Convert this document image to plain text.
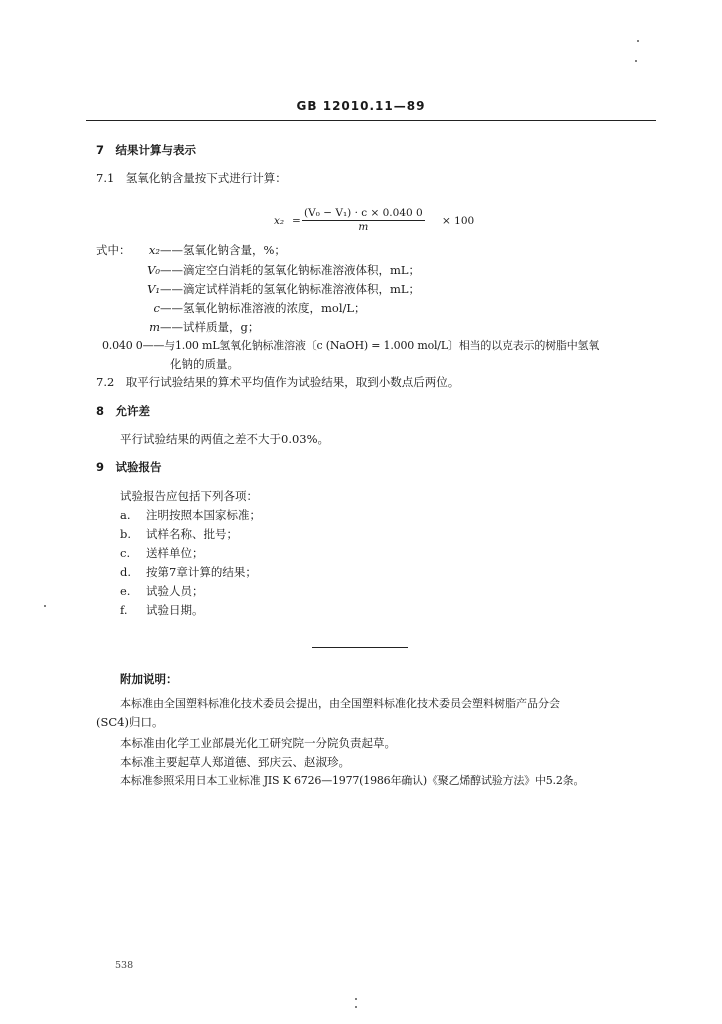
GB 12010.11—89
7　结果计算与表示
7.1　氢氧化钠含量按下式进行计算：
$x_2 = \frac{\text{(V₀ − V₁) · c × 0.040 0}}{m} \times 100$
式中：	x₂ ——氢氧化钠含量，%；
V₀ ——滴定空白消耗的氢氧化钠标准溶液体积，mL；
V₁ ——滴定试样消耗的氢氧化钠标准溶液体积，mL；
c ——氢氧化钠标准溶液的浓度，mol/L；
m ——试样质量，g；
0.040 0——与1.00 mL氢氧化钠标准溶液〔c (NaOH) = 1.000 mol/L〕相当的以克表示的树脂中氢氧
化钠的质量。
7.2　取平行试验结果的算术平均值作为试验结果，取到小数点后两位。
8　允许差
平行试验结果的两值之差不大于0.03%。
9　试验报告
试验报告应包括下列各项：
a. 注明按照本国家标准；
b. 试样名称、批号；
c. 送样单位；
d. 按第7章计算的结果；
e. 试验人员；
f. 试验日期。
附加说明：
本标准由全国塑料标准化技术委员会提出，由全国塑料标准化技术委员会塑料树脂产品分会
(SC4)归口。
本标准由化学工业部晨光化工研究院一分院负责起草。
本标准主要起草人郑道德、郅庆云、赵淑珍。
本标准参照采用日本工业标准 JIS K 6726—1977(1986年确认)《聚乙烯醇试验方法》中5.2条。
538
